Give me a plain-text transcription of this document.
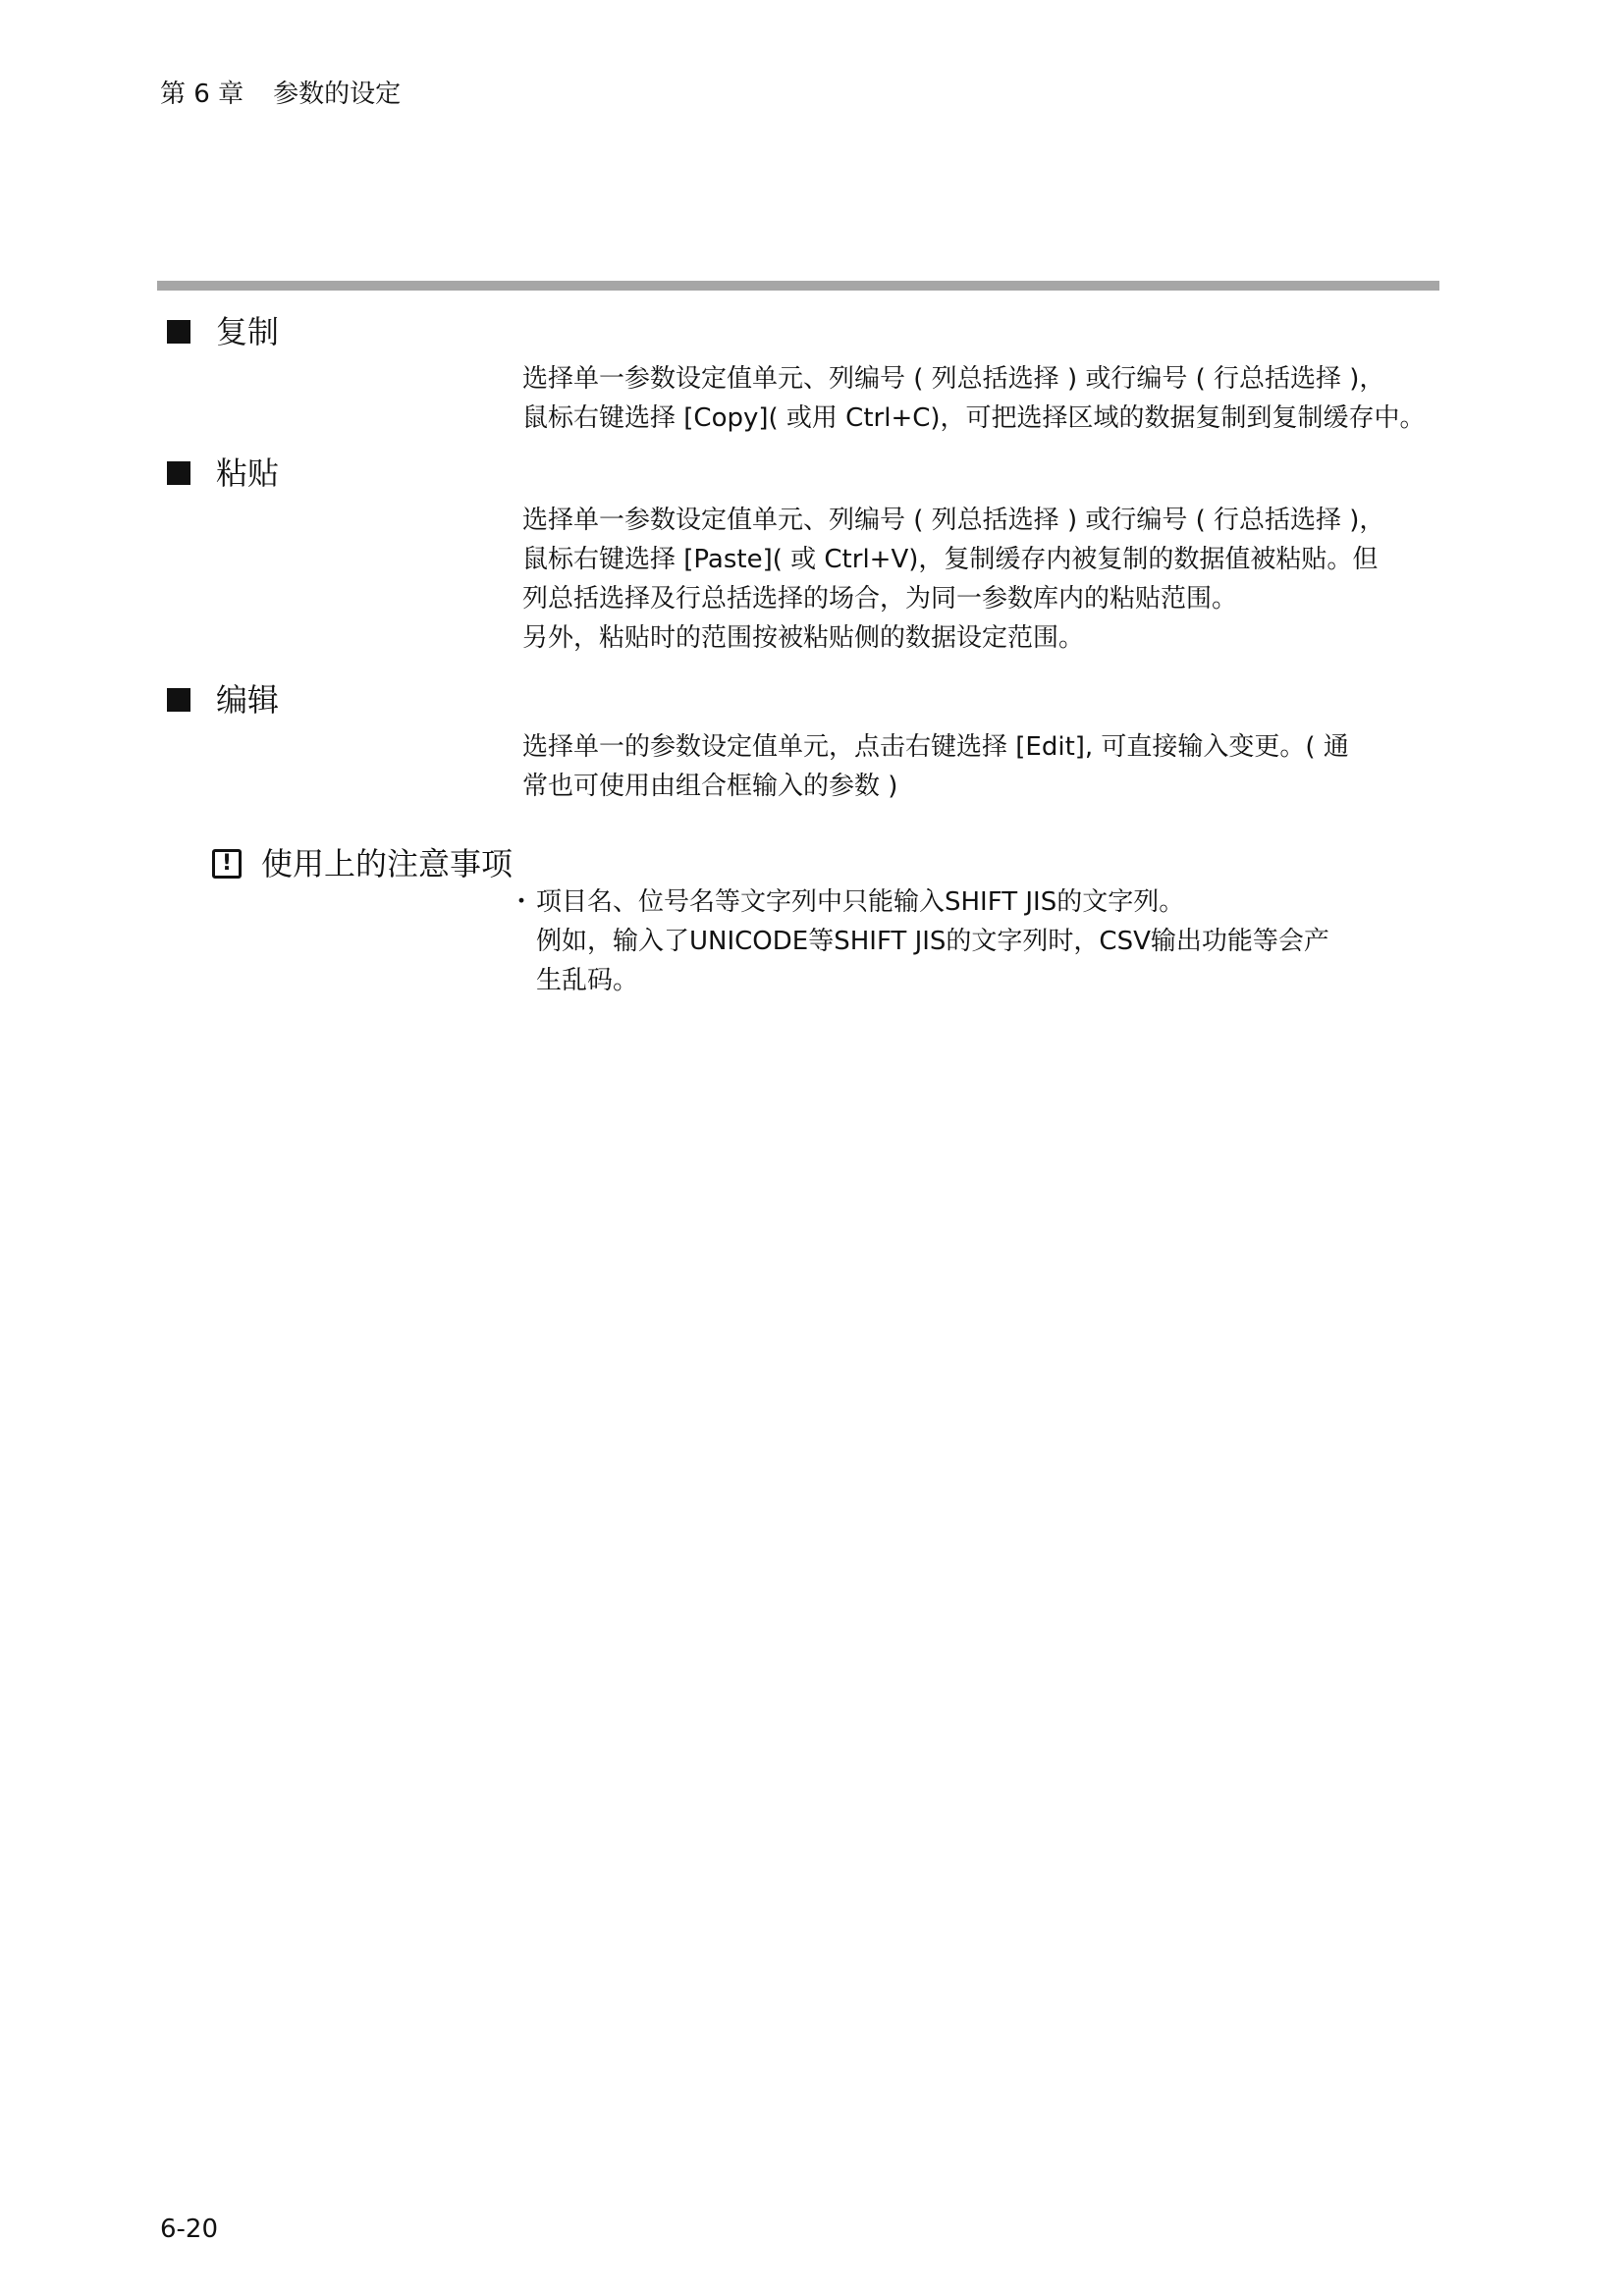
第 6 章 参数的设定
复制

选择单一参数设定值单元、列编号 ( 列总括选择 ) 或行编号 ( 行总括选择 )，

鼠标右键选择 [Copy]( 或用 Ctrl+C)，可把选择区域的数据复制到复制缓存中。

粘贴

选择单一参数设定值单元、列编号 ( 列总括选择 ) 或行编号 ( 行总括选择 )，

鼠标右键选择 [Paste]( 或 Ctrl+V)，复制缓存内被复制的数据值被粘贴。但

列总括选择及行总括选择的场合，为同一参数库内的粘贴范围。

另外，粘贴时的范围按被粘贴侧的数据设定范围。

编辑

选择单一的参数设定值单元，点击右键选择 [Edit], 可直接输入变更。( 通

常也可使用由组合框输入的参数 )

! 使用上的注意事项
・ 项目名、位号名等文字列中只能输入SHIFT JIS的文字列。
例如，输入了UNICODE等SHIFT JIS的文字列时，CSV输出功能等会产
生乱码。
6-20
